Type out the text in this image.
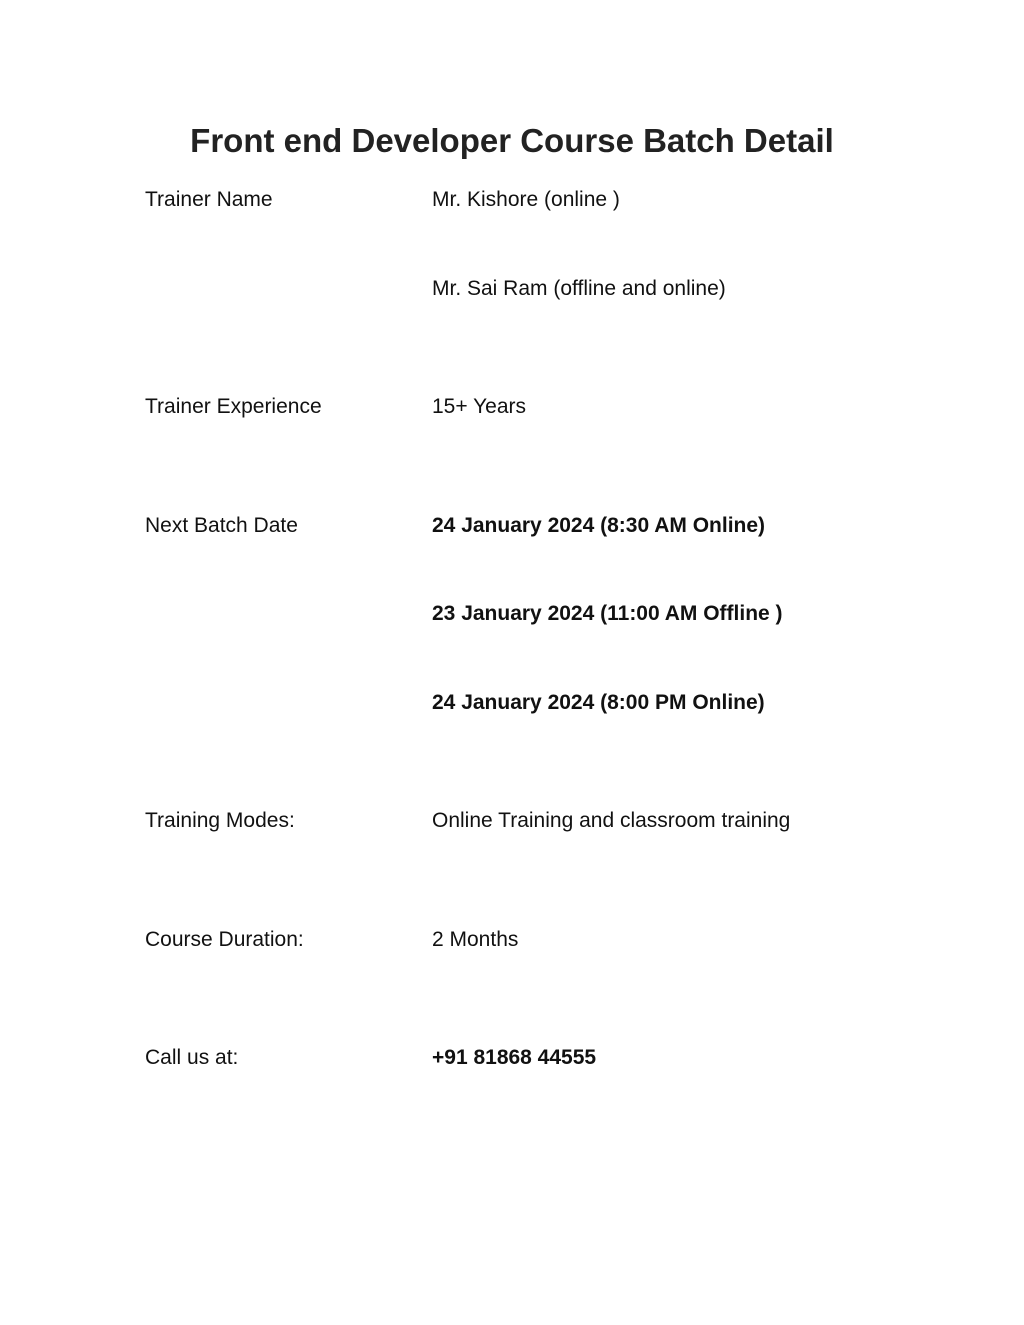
Front end Developer Course Batch Detail
Trainer Name	Mr. Kishore (online )
Mr. Sai Ram (offline and online)
Trainer Experience	15+ Years
Next Batch Date	24 January 2024 (8:30 AM Online)
23 January 2024 (11:00 AM Offline )
24 January 2024 (8:00 PM Online)
Training Modes:	Online Training and classroom training
Course Duration:	2 Months
Call us at:	+91 81868 44555
